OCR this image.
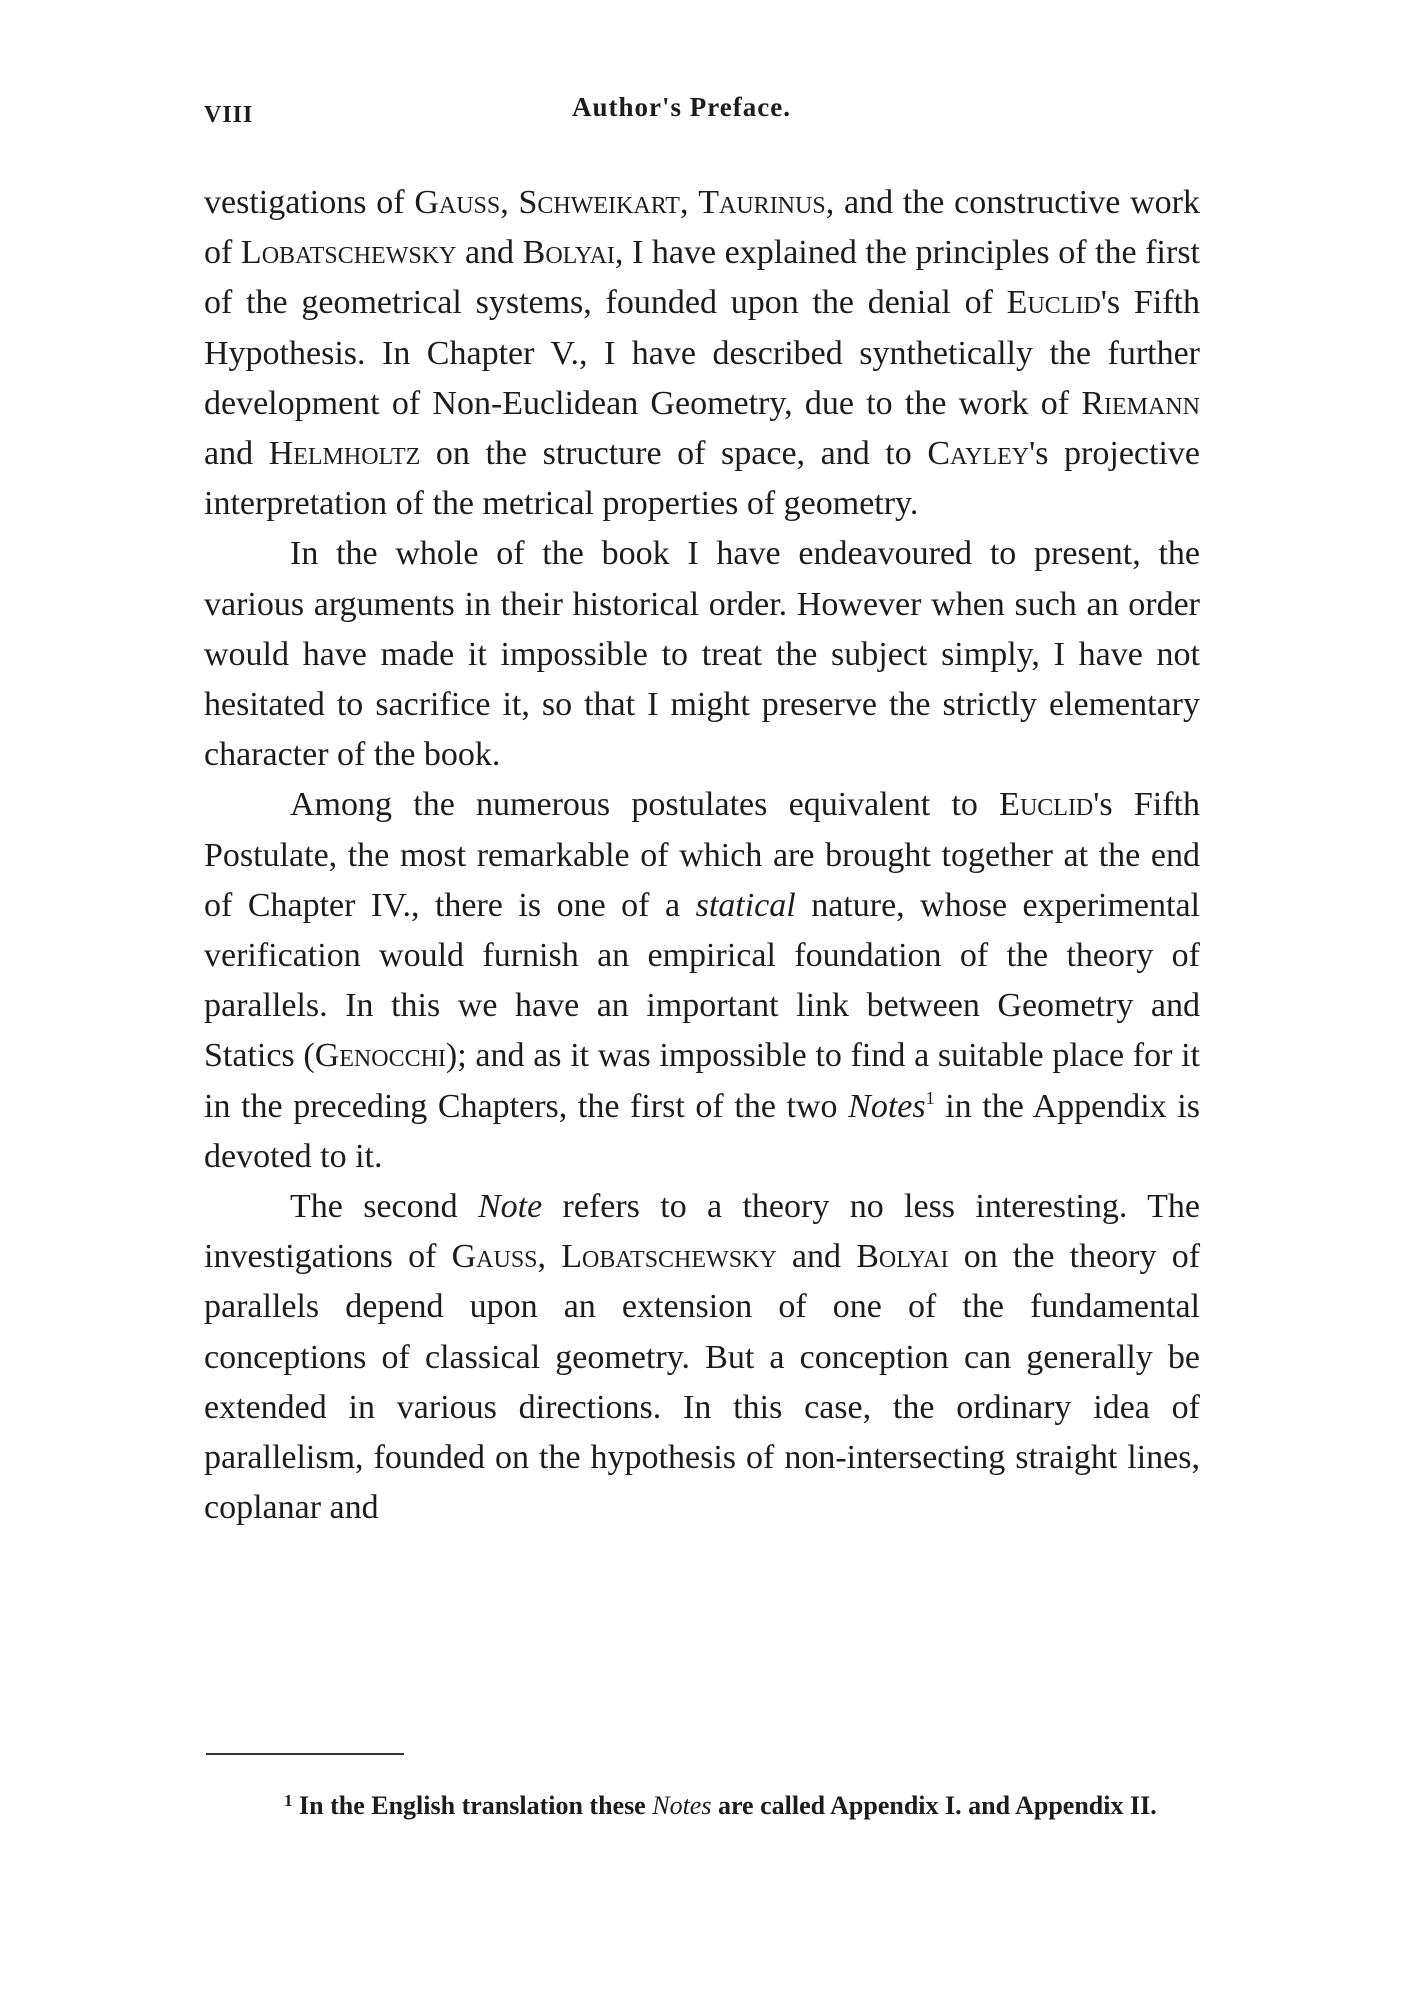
VIII	Author's Preface.

vestigations of Gauss, Schweikart, Taurinus, and the constructive work of Lobatschewsky and Bolyai, I have explained the principles of the first of the geometrical systems, founded upon the denial of Euclid's Fifth Hypothesis. In Chapter V., I have described synthetically the further development of Non-Euclidean Geometry, due to the work of Riemann and Helmholtz on the structure of space, and to Cayley's projective interpretation of the metrical properties of geometry.

In the whole of the book I have endeavoured to present, the various arguments in their historical order. However when such an order would have made it impossible to treat the subject simply, I have not hesitated to sacrifice it, so that I might preserve the strictly elementary character of the book.

Among the numerous postulates equivalent to Euclid's Fifth Postulate, the most remarkable of which are brought together at the end of Chapter IV., there is one of a statical nature, whose experimental verification would furnish an empirical foundation of the theory of parallels. In this we have an important link between Geometry and Statics (Genocchi); and as it was impossible to find a suitable place for it in the preceding Chapters, the first of the two Notes$^1$ in the Appendix is devoted to it.

The second Note refers to a theory no less interesting. The investigations of Gauss, Lobatschewsky and Bolyai on the theory of parallels depend upon an extension of one of the fundamental conceptions of classical geometry. But a conception can generally be extended in various directions. In this case, the ordinary idea of parallelism, founded on the hypothesis of non-intersecting straight lines, coplanar and

$^1$ In the English translation these Notes are called Appendix I. and Appendix II.
